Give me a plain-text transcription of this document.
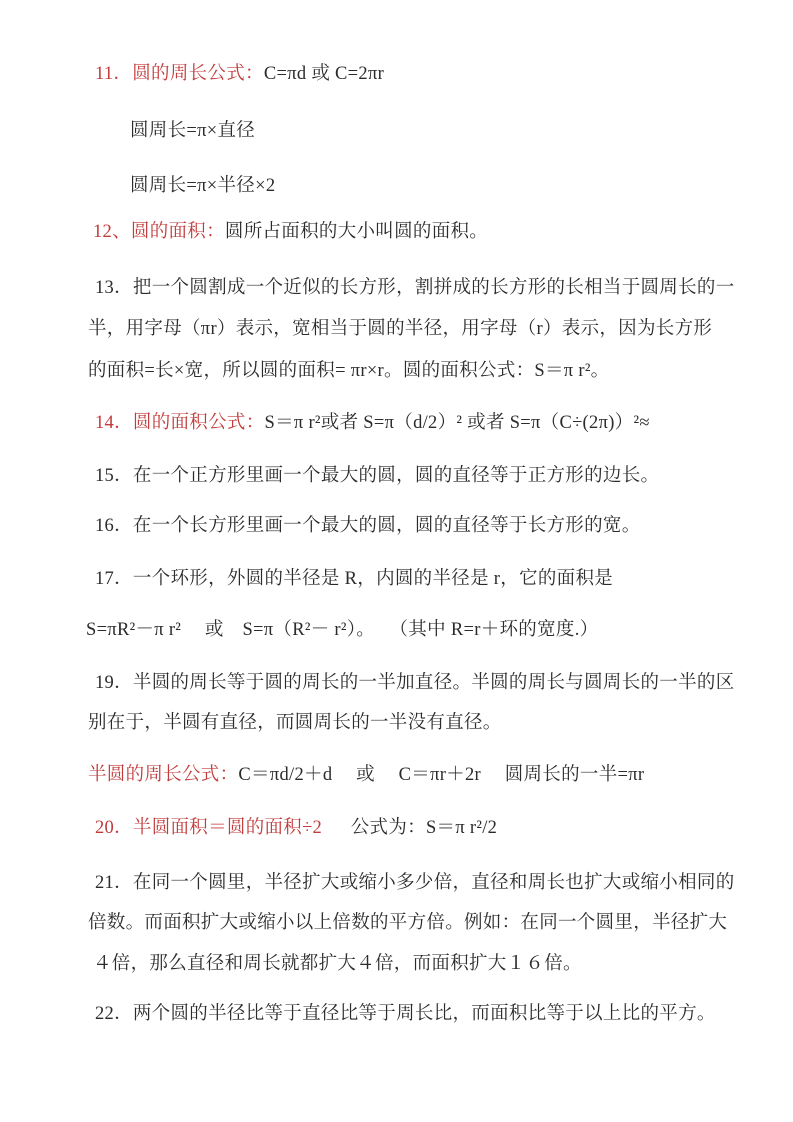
11．圆的周长公式：C=πd 或 C=2πr
圆周长=π×直径
圆周长=π×半径×2
12、圆的面积：圆所占面积的大小叫圆的面积。
13．把一个圆割成一个近似的长方形，割拼成的长方形的长相当于圆周长的一
半，用字母（πr）表示，宽相当于圆的半径，用字母（r）表示，因为长方形
的面积=长×宽，所以圆的面积= πr×r。圆的面积公式：S＝π r²。
14．圆的面积公式：S＝π r²或者 S=π（d/2）² 或者 S=π（C÷(2π)）²≈
15．在一个正方形里画一个最大的圆，圆的直径等于正方形的边长。
16．在一个长方形里画一个最大的圆，圆的直径等于长方形的宽。
17．一个环形，外圆的半径是 R，内圆的半径是 r，它的面积是
S=πR²－π r²　 或　S=π（R²－ r²）。　 （其中 R=r＋环的宽度.）
19．半圆的周长等于圆的周长的一半加直径。半圆的周长与圆周长的一半的区
别在于，半圆有直径，而圆周长的一半没有直径。
半圆的周长公式：C＝πd/2＋d　 或　 C＝πr＋2r　 圆周长的一半=πr
20．半圆面积＝圆的面积÷2　  公式为：S＝π r²/2
21．在同一个圆里，半径扩大或缩小多少倍，直径和周长也扩大或缩小相同的
倍数。而面积扩大或缩小以上倍数的平方倍。例如：在同一个圆里，半径扩大
４倍，那么直径和周长就都扩大４倍，而面积扩大１６倍。
22．两个圆的半径比等于直径比等于周长比，而面积比等于以上比的平方。
